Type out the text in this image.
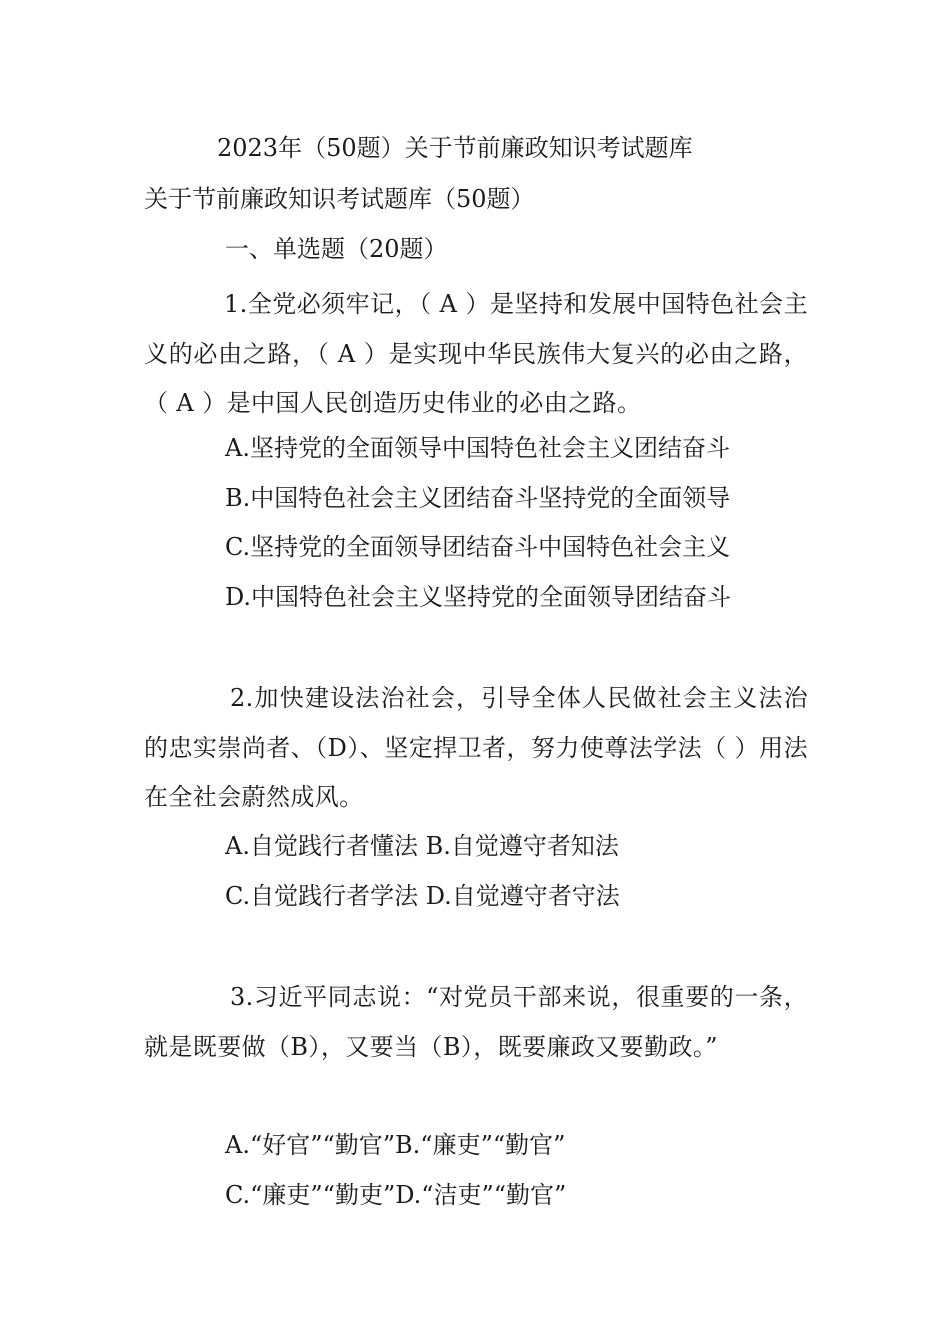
2023年（50题）关于节前廉政知识考试题库
关于节前廉政知识考试题库（50题）
一、单选题（20题）
1.全党必须牢记，（ A ）是坚持和发展中国特色社会主义的必由之路，（ A ）是实现中华民族伟大复兴的必由之路，（ A ）是中国人民创造历史伟业的必由之路。
A.坚持党的全面领导中国特色社会主义团结奋斗
B.中国特色社会主义团结奋斗坚持党的全面领导
C.坚持党的全面领导团结奋斗中国特色社会主义
D.中国特色社会主义坚持党的全面领导团结奋斗
2.加快建设法治社会，引导全体人民做社会主义法治的忠实崇尚者、（D）、坚定捍卫者，努力使尊法学法（ ）用法在全社会蔚然成风。
A.自觉践行者懂法 B.自觉遵守者知法
C.自觉践行者学法 D.自觉遵守者守法
3.习近平同志说：“对党员干部来说，很重要的一条，就是既要做（B），又要当（B），既要廉政又要勤政。”
A.“好官”“勤官”B.“廉吏”“勤官”
C.“廉吏”“勤吏”D.“洁吏”“勤官”
